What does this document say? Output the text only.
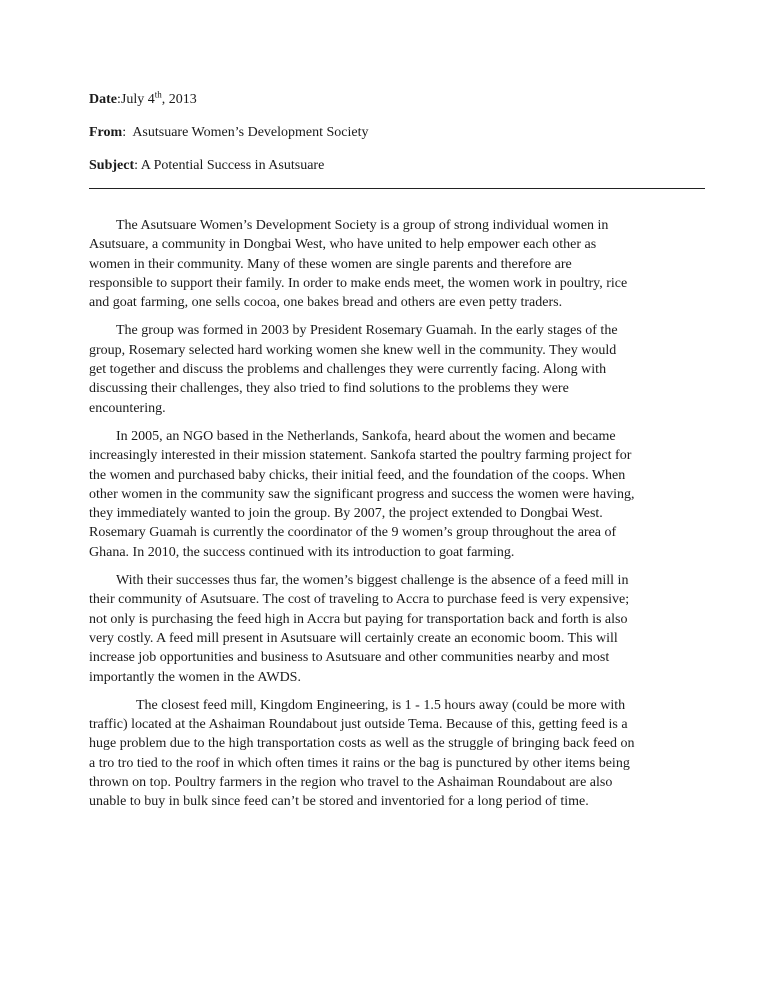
Date:July 4th, 2013
From:  Asutsuare Women’s Development Society
Subject: A Potential Success in Asutsuare
The Asutsuare Women’s Development Society is a group of strong individual women in
Asutsuare, a community in Dongbai West, who have united to help empower each other as
women in their community. Many of these women are single parents and therefore are
responsible to support their family. In order to make ends meet, the women work in poultry, rice
and goat farming, one sells cocoa, one bakes bread and others are even petty traders.
The group was formed in 2003 by President Rosemary Guamah. In the early stages of the
group, Rosemary selected hard working women she knew well in the community. They would
get together and discuss the problems and challenges they were currently facing. Along with
discussing their challenges, they also tried to find solutions to the problems they were
encountering.
In 2005, an NGO based in the Netherlands, Sankofa, heard about the women and became
increasingly interested in their mission statement. Sankofa started the poultry farming project for
the women and purchased baby chicks, their initial feed, and the foundation of the coops. When
other women in the community saw the significant progress and success the women were having,
they immediately wanted to join the group. By 2007, the project extended to Dongbai West.
Rosemary Guamah is currently the coordinator of the 9 women’s group throughout the area of
Ghana. In 2010, the success continued with its introduction to goat farming.
With their successes thus far, the women’s biggest challenge is the absence of a feed mill in
their community of Asutsuare. The cost of traveling to Accra to purchase feed is very expensive;
not only is purchasing the feed high in Accra but paying for transportation back and forth is also
very costly. A feed mill present in Asutsuare will certainly create an economic boom. This will
increase job opportunities and business to Asutsuare and other communities nearby and most
importantly the women in the AWDS.
The closest feed mill, Kingdom Engineering, is 1 - 1.5 hours away (could be more with
traffic) located at the Ashaiman Roundabout just outside Tema. Because of this, getting feed is a
huge problem due to the high transportation costs as well as the struggle of bringing back feed on
a tro tro tied to the roof in which often times it rains or the bag is punctured by other items being
thrown on top. Poultry farmers in the region who travel to the Ashaiman Roundabout are also
unable to buy in bulk since feed can’t be stored and inventoried for a long period of time.
